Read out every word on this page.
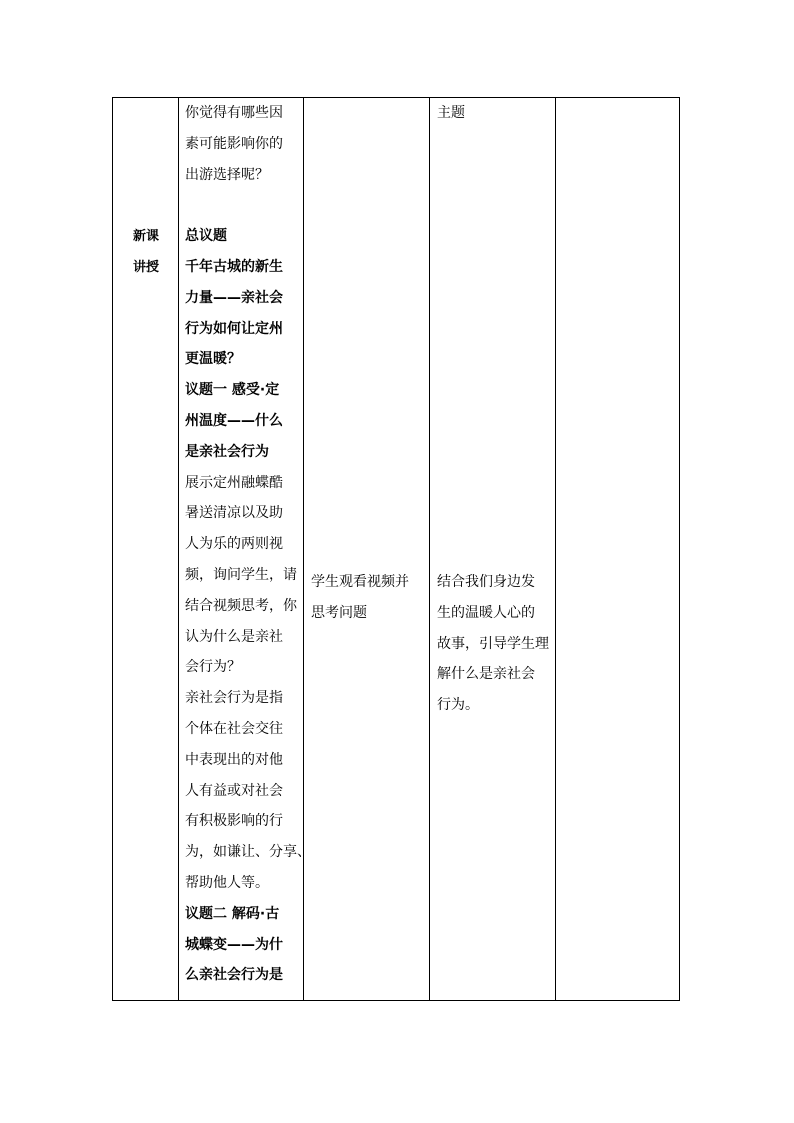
新课
讲授
你觉得有哪些因
素可能影响你的
出游选择呢？

总议题
千年古城的新生
力量——亲社会
行为如何让定州
更温暖？
议题一 感受·定
州温度——什么
是亲社会行为
展示定州融蝶酷
暑送清凉以及助
人为乐的两则视
频，询问学生，请
结合视频思考，你
认为什么是亲社
会行为？
亲社会行为是指
个体在社会交往
中表现出的对他
人有益或对社会
有积极影响的行
为，如谦让、分享、
帮助他人等。
议题二 解码·古
城蝶变——为什
么亲社会行为是
学生观看视频并
思考问题
主题
结合我们身边发
生的温暖人心的
故事，引导学生理
解什么是亲社会
行为。
